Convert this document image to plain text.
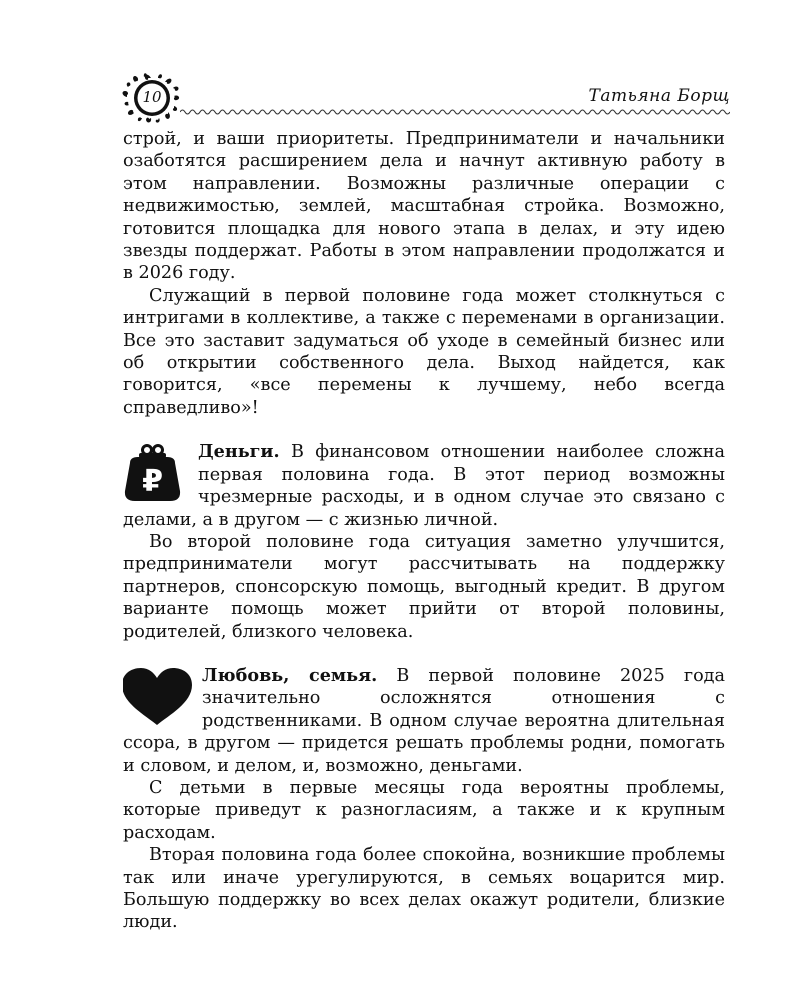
10	Татьяна Борщ

строй, и ваши приоритеты. Предприниматели и начальники озаботятся расширением дела и начнут активную работу в этом направлении. Возможны различные операции с недвижимостью, землей, масштабная стройка. Возможно, готовится площадка для нового этапа в делах, и эту идею звезды поддержат. Работы в этом направлении продолжатся и в 2026 году.

Служащий в первой половине года может столкнуться с интригами в коллективе, а также с переменами в организации. Все это заставит задуматься об уходе в семейный бизнес или об открытии собственного дела. Выход найдется, как говорится, «все перемены к лучшему, небо всегда справедливо»!

₽
Деньги. В финансовом отношении наиболее сложна первая половина года. В этот период возможны чрезмерные расходы, и в одном случае это связано с делами, а в другом — с жизнью личной.

Во второй половине года ситуация заметно улучшится, предприниматели могут рассчитывать на поддержку партнеров, спонсорскую помощь, выгодный кредит. В другом варианте помощь может прийти от второй половины, родителей, близкого человека.

Любовь, семья. В первой половине 2025 года значительно осложнятся отношения с родственниками. В одном случае вероятна длительная ссора, в другом — придется решать проблемы родни, помогать и словом, и делом, и, возможно, деньгами.

С детьми в первые месяцы года вероятны проблемы, которые приведут к разногласиям, а также и к крупным расходам.

Вторая половина года более спокойна, возникшие проблемы так или иначе урегулируются, в семьях воцарится мир. Большую поддержку во всех делах окажут родители, близкие люди.
